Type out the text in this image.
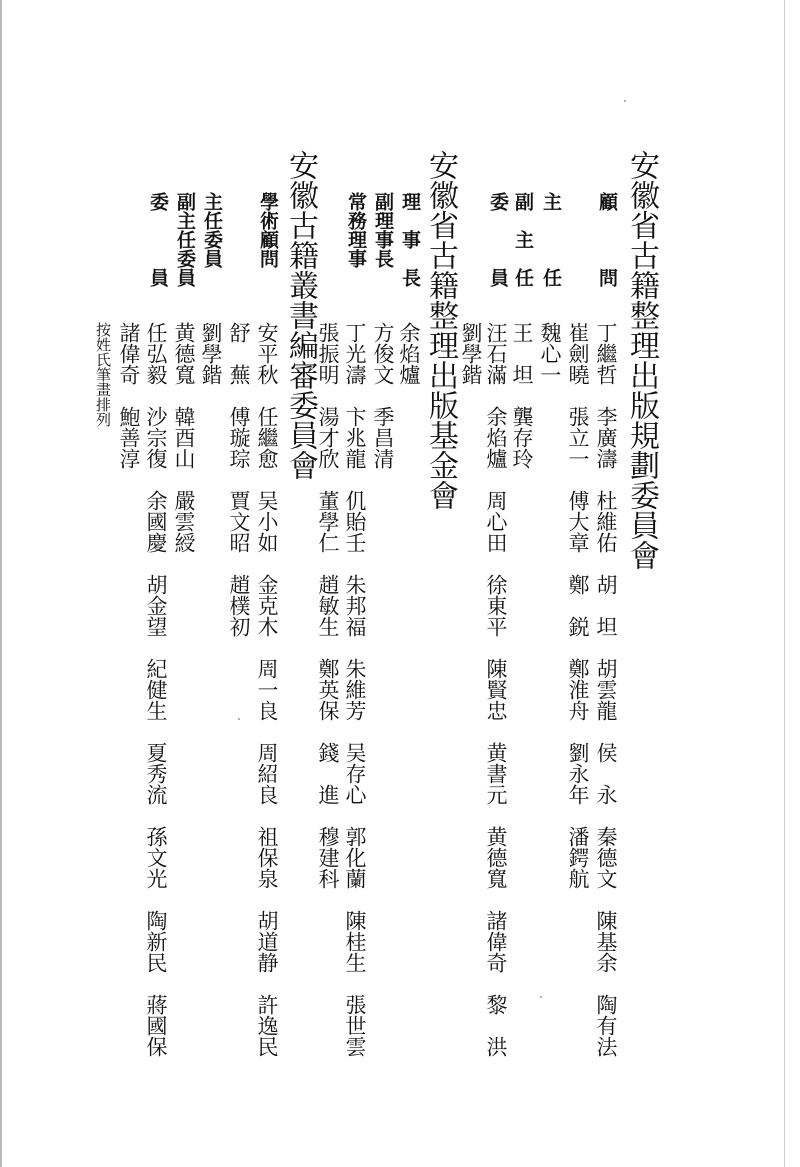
安徽省古籍整理出版規劃委員會
顧　　　問
丁繼哲　李廣濤　杜維佑　胡　坦　胡雲龍　侯　永　秦德文　陳基余　陶有法
崔劍曉　張立一　傅大章　鄭　鋭　鄭淮舟　劉永年　潘鍔航
主　　　任
魏心一
副　主　任
王　坦　龔存玲
委　　　員
汪石滿　余焰爐　周心田　徐東平　陳賢忠　黄書元　黄德寬　諸偉奇　黎　洪
劉學鍇
安徽省古籍整理出版基金會
理　事　長
余焰爐
副理事長
方俊文　季昌清
常務理事
丁光濤　卞兆龍　仉貽壬　朱邦福　朱維芳　吴存心　郭化蘭　陳桂生　張世雲
張振明　湯才欣　董學仁　趙敏生　鄭英保　錢　進　穆建科
安徽古籍叢書編審委員會
學術顧問
安平秋　任繼愈　吴小如　金克木　周一良　周紹良　祖保泉　胡道静　許逸民
舒　蕪　傅璇琮　賈文昭　趙樸初
主任委員
劉學鍇
副主任委員
黄德寬　韓酉山　嚴雲綬
委　　　員
任弘毅　沙宗復　余國慶　胡金望　紀健生　夏秀流　孫文光　陶新民　蔣國保
諸偉奇　鮑善淳
按姓氏筆畫排列
